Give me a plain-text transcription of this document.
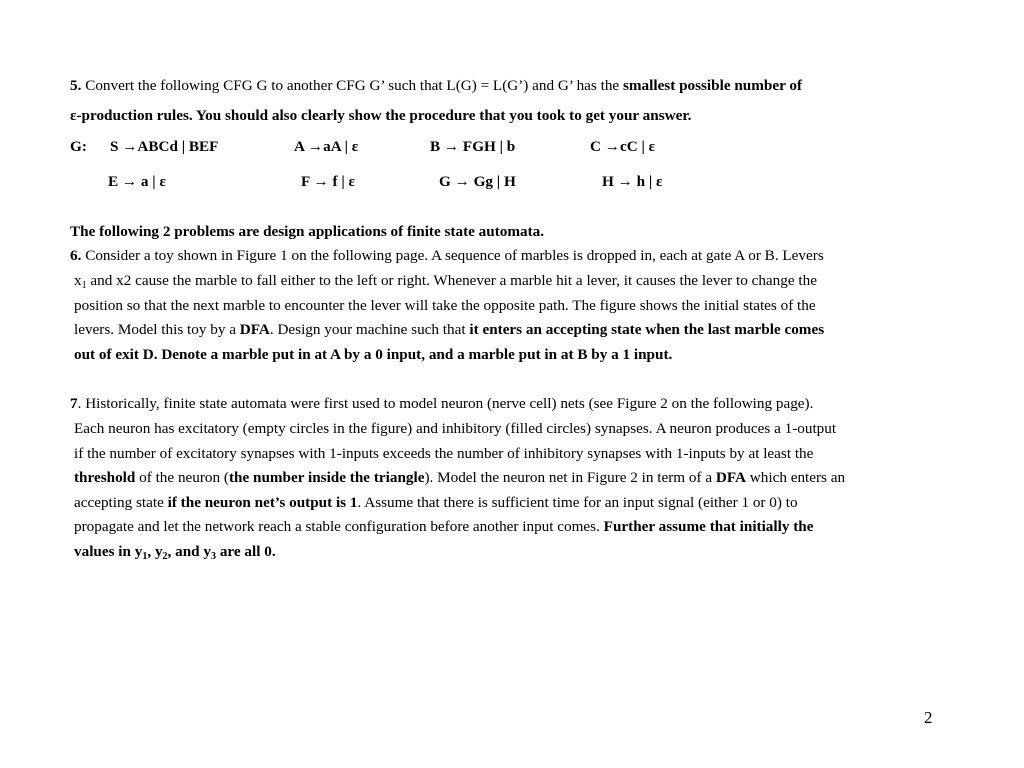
5. Convert the following CFG G to another CFG G’ such that L(G) = L(G’) and G’ has the smallest possible number of
ε-production rules. You should also clearly show the procedure that you took to get your answer.
G: S →ABCd | BEF	A →aA | ε	B → FGH | b	C →cC | ε
E → a | ε	F → f | ε	G → Gg | H	H → h | ε
The following 2 problems are design applications of finite state automata.
6. Consider a toy shown in Figure 1 on the following page. A sequence of marbles is dropped in, each at gate A or B. Levers
$x_1$ and x2 cause the marble to fall either to the left or right. Whenever a marble hit a lever, it causes the lever to change the
position so that the next marble to encounter the lever will take the opposite path. The figure shows the initial states of the
levers. Model this toy by a DFA. Design your machine such that it enters an accepting state when the last marble comes
out of exit D. Denote a marble put in at A by a 0 input, and a marble put in at B by a 1 input.
7. Historically, finite state automata were first used to model neuron (nerve cell) nets (see Figure 2 on the following page).
Each neuron has excitatory (empty circles in the figure) and inhibitory (filled circles) synapses. A neuron produces a 1-output
if the number of excitatory synapses with 1-inputs exceeds the number of inhibitory synapses with 1-inputs by at least the
threshold of the neuron (the number inside the triangle). Model the neuron net in Figure 2 in term of a DFA which enters an
accepting state if the neuron net’s output is 1. Assume that there is sufficient time for an input signal (either 1 or 0) to
propagate and let the network reach a stable configuration before another input comes. Further assume that initially the
values in $y_1$, $y_2$, and $y_3$ are all 0.
2
